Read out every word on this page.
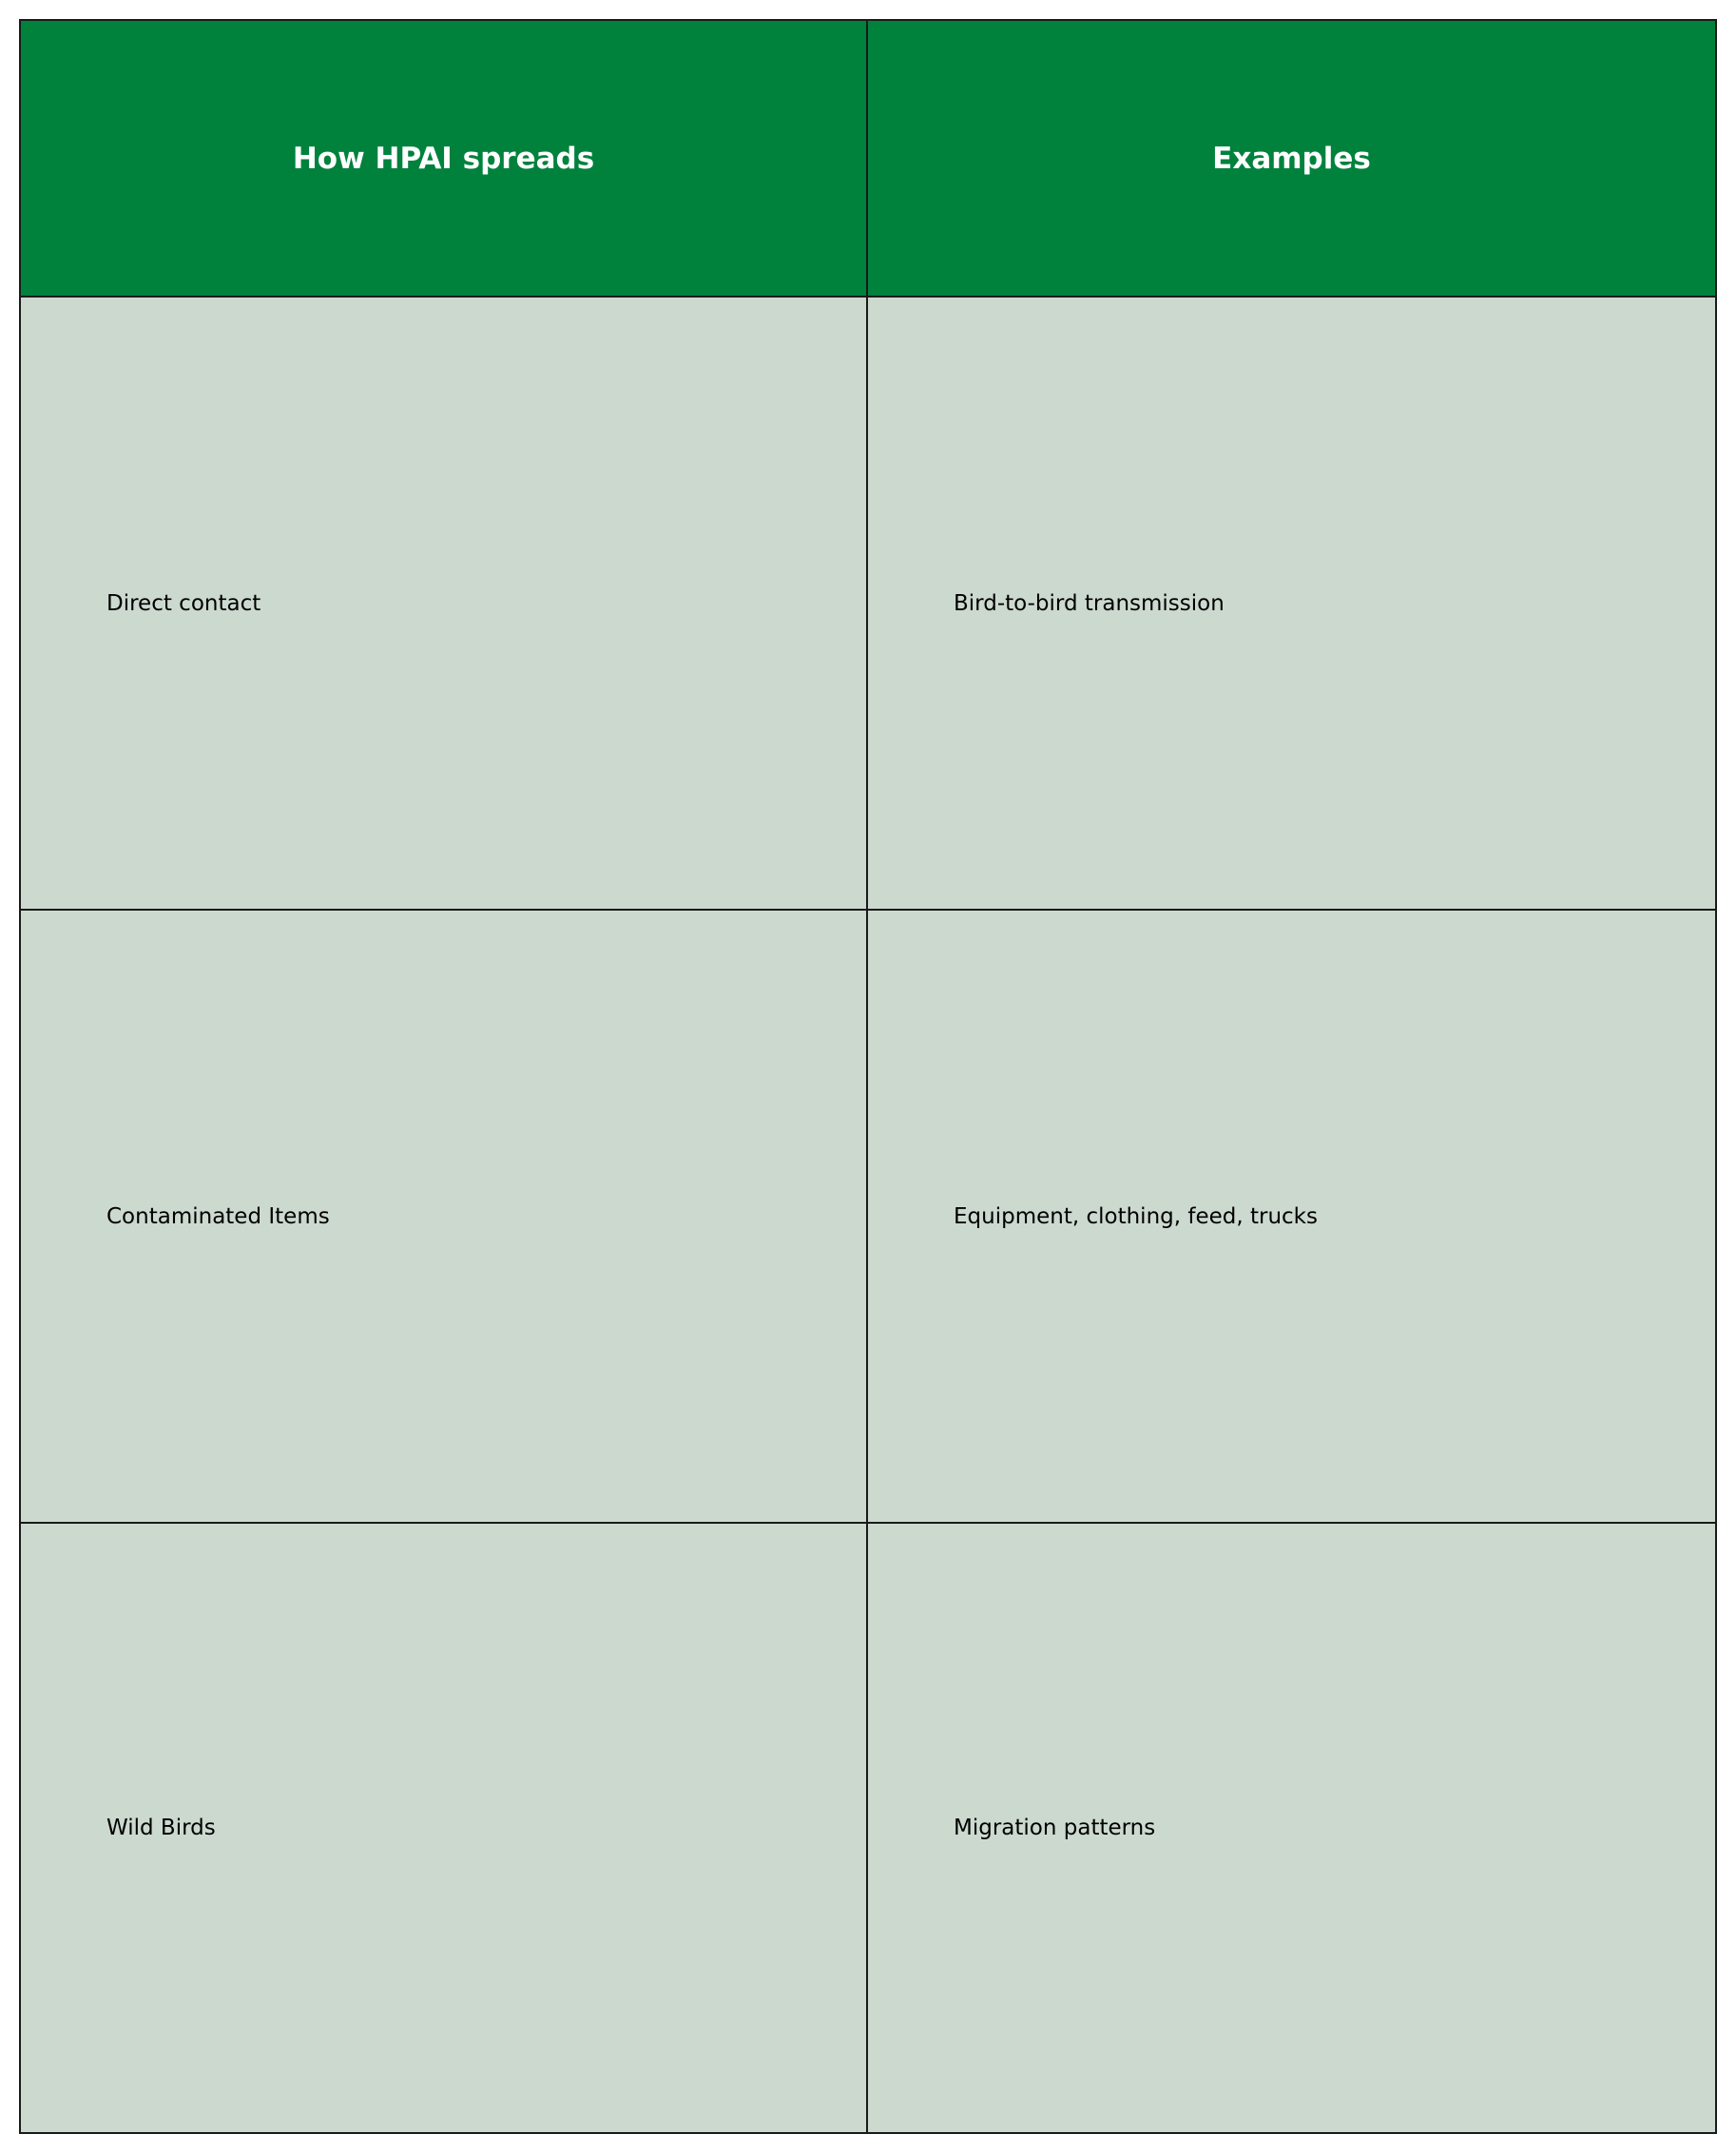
How HPAI spreads	Examples
Direct contact	Bird-to-bird transmission
Contaminated Items	Equipment, clothing, feed, trucks
Wild Birds	Migration patterns
